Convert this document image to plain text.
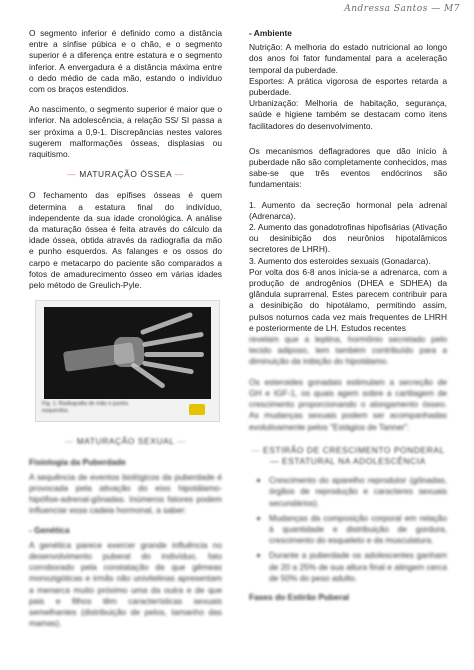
Andressa Santos — M7

O segmento inferior é definido como a distância entre a sínfise púbica e o chão, e o segmento superior é a diferença entre estatura e o segmento inferior. A envergadura é a distância máxima entre o dedo médio de cada mão, estando o indivíduo com os braços estendidos.

Ao nascimento, o segmento superior é maior que o inferior. Na adolescência, a relação SS/ SI passa a ser próxima a 0,9-1. Discrepâncias nestes valores sugerem malformações ósseas, displasias ou raquitismo.

— MATURAÇÃO ÓSSEA —

O fechamento das epífises ósseas é quem determina a estatura final do indivíduo, independente da sua idade cronológica. A análise da maturação óssea é feita através do cálculo da idade óssea, obtida através da radiografia da mão e punho esquerdos. As falanges e os ossos do carpo e metacarpo do paciente são comparados a fotos de amadurecimento ósseo em várias idades pelo método de Greulich-Pyle.

Fig. 1: Radiografia de mão e punho esquerdos.
— MATURAÇÃO SEXUAL —
Fisiologia da Puberdade

A sequência de eventos biológicos da puberdade é provocada pela ativação do eixo hipotálamo-hipófise-adrenal-gônadas. Inúmeros fatores podem influenciar essa cadeia hormonal, a saber:

- Genética

A genética parece exercer grande influência no desenvolvimento puberal do indivíduo, fato corroborado pela constatação de que gêmeas monozigóticas e irmãs não univitelinas apresentam a menarca muito próximo uma da outra e de que pais e filhos têm características sexuais semelhantes (distribuição de pelos, tamanho das mamas).

- Ambiente

Nutrição: A melhoria do estado nutricional ao longo dos anos foi fator fundamental para a aceleração temporal da puberdade.

Esportes: A prática vigorosa de esportes retarda a puberdade.

Urbanização: Melhoria de habitação, segurança, saúde e higiene também se destacam como itens facilitadores do desenvolvimento.

Os mecanismos deflagradores que dão início à puberdade não são completamente conhecidos, mas sabe-se que três eventos endócrinos são fundamentais:

1. Aumento da secreção hormonal pela adrenal (Adrenarca).

2. Aumento das gonadotrofinas hipofisárias (Ativação ou desinibição dos neurônios hipotalâmicos secretores de LHRH).

3. Aumento dos esteroides sexuais (Gonadarca).

Por volta dos 6-8 anos inicia-se a adrenarca, com a produção de androgênios (DHEA e SDHEA) da glândula suprarrenal. Estes parecem contribuir para a desinibição do hipotálamo, permitindo assim, pulsos noturnos cada vez mais frequentes de LHRH e posteriormente de LH. Estudos recentes

revelam que a leptina, hormônio secretado pelo tecido adiposo, tem também contribuído para a diminuição da inibição do hipotálamo.

Os esteroides gonadais estimulam a secreção de GH e IGF-1, os quais agem sobre a cartilagem de crescimento proporcionando o alongamento ósseo. As mudanças sexuais podem ser acompanhadas evolutivamente pelos "Estágios de Tanner".

— ESTIRÃO DE CRESCIMENTO PONDERAL — ESTATURAL NA ADOLESCÊNCIA
• Crescimento do aparelho reprodutor (gônadas, órgãos de reprodução e caracteres sexuais secundários).
• Mudanças da composição corporal em relação à quantidade e distribuição de gordura, crescimento do esqueleto e da musculatura.
• Durante a puberdade os adolescentes ganham de 20 a 25% de sua altura final e atingem cerca de 50% do peso adulto.
Fases do Estirão Puberal
